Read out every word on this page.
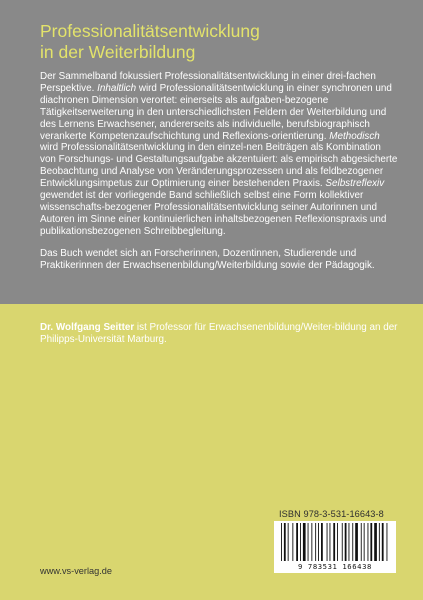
Professionalitätsentwicklung
in der Weiterbildung

Der Sammelband fokussiert Professionalitätsentwicklung in einer drei-fachen Perspektive. Inhaltlich wird Professionalitätsentwicklung in einer synchronen und diachronen Dimension verortet: einerseits als aufgaben-bezogene Tätigkeitserweiterung in den unterschiedlichsten Feldern der Weiterbildung und des Lernens Erwachsener, andererseits als individuelle, berufsbiographisch verankerte Kompetenzaufschichtung und Reflexions-orientierung. Methodisch wird Professionalitätsentwicklung in den einzel-nen Beiträgen als Kombination von Forschungs- und Gestaltungsaufgabe akzentuiert: als empirisch abgesicherte Beobachtung und Analyse von Veränderungsprozessen und als feldbezogener Entwicklungsimpetus zur Optimierung einer bestehenden Praxis. Selbstreflexiv gewendet ist der vorliegende Band schließlich selbst eine Form kollektiver wissenschafts-bezogener Professionalitätsentwicklung seiner Autorinnen und Autoren im Sinne einer kontinuierlichen inhaltsbezogenen Reflexionspraxis und publikationsbezogenen Schreibbegleitung.

Das Buch wendet sich an Forscherinnen, Dozentinnen, Studierende und Praktikerinnen der Erwachsenenbildung/Weiterbildung sowie der Pädagogik.

Dr. Wolfgang Seitter ist Professor für Erwachsenenbildung/Weiter-bildung an der Philipps-Universität Marburg.
ISBN 978-3-531-16643-8
9 783531 166438
www.vs-verlag.de
